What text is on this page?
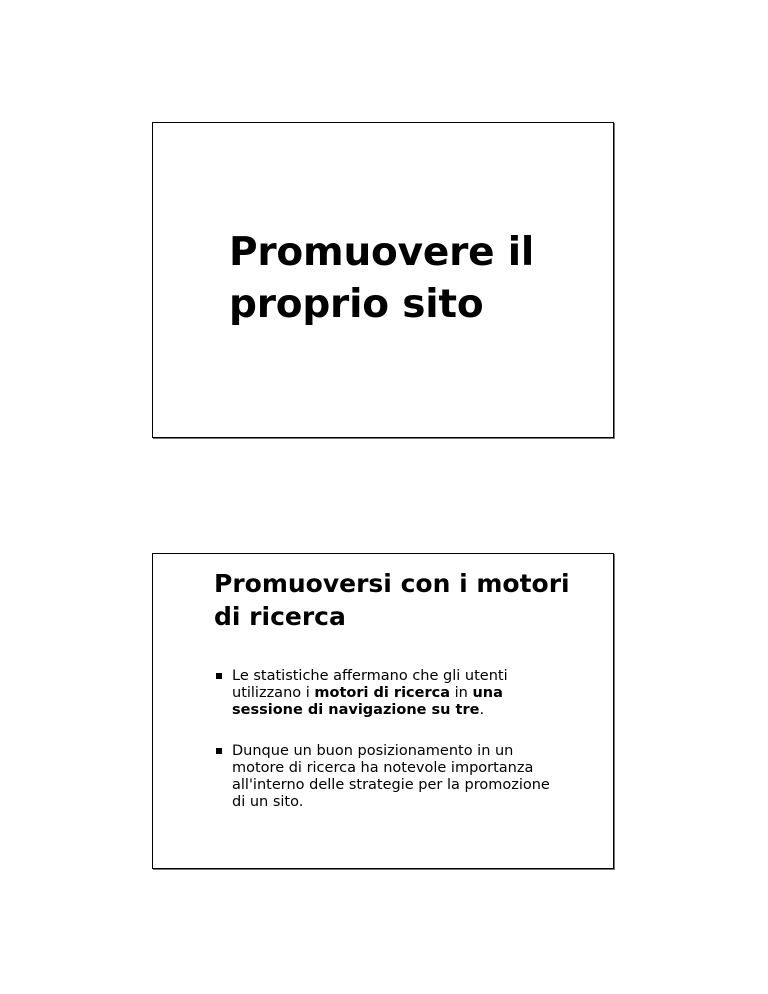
Promuovere il
proprio sito
Promuoversi con i motori
di ricerca
Le statistiche affermano che gli utenti
utilizzano i motori di ricerca in una
sessione di navigazione su tre.
Dunque un buon posizionamento in un
motore di ricerca ha notevole importanza
all'interno delle strategie per la promozione
di un sito.
